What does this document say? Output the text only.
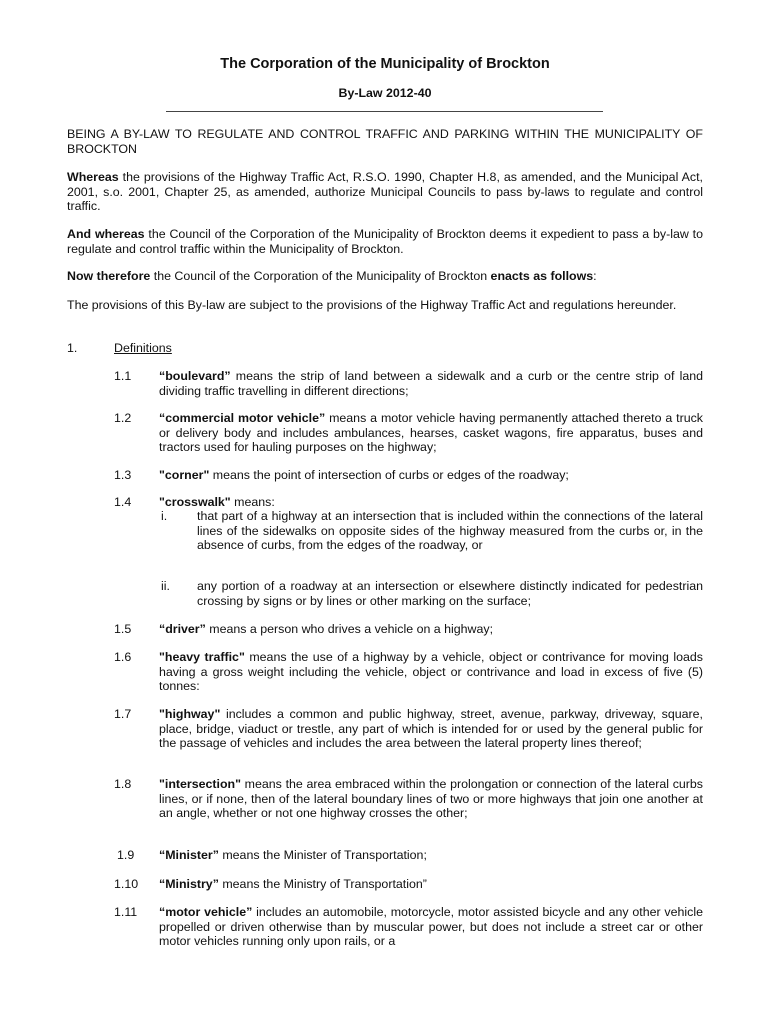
The Corporation of the Municipality of Brockton
By-Law 2012-40
BEING A BY-LAW TO REGULATE AND CONTROL TRAFFIC AND PARKING WITHIN THE MUNICIPALITY OF BROCKTON
Whereas the provisions of the Highway Traffic Act, R.S.O. 1990, Chapter H.8, as amended, and the Municipal Act, 2001, s.o. 2001, Chapter 25, as amended, authorize Municipal Councils to pass by-laws to regulate and control traffic.
And whereas the Council of the Corporation of the Municipality of Brockton deems it expedient to pass a by-law to regulate and control traffic within the Municipality of Brockton.
Now therefore the Council of the Corporation of the Municipality of Brockton enacts as follows:
The provisions of this By-law are subject to the provisions of the Highway Traffic Act and regulations hereunder.
1.	Definitions
1.1	“boulevard” means the strip of land between a sidewalk and a curb or the centre strip of land dividing traffic travelling in different directions;
1.2	“commercial motor vehicle” means a motor vehicle having permanently attached thereto a truck or delivery body and includes ambulances, hearses, casket wagons, fire apparatus, buses and tractors used for hauling purposes on the highway;
1.3	"corner" means the point of intersection of curbs or edges of the roadway;
1.4	"crosswalk" means:
i. that part of a highway at an intersection that is included within the connections of the lateral lines of the sidewalks on opposite sides of the highway measured from the curbs or, in the absence of curbs, from the edges of the roadway, or
ii. any portion of a roadway at an intersection or elsewhere distinctly indicated for pedestrian crossing by signs or by lines or other marking on the surface;
1.5	“driver” means a person who drives a vehicle on a highway;
1.6	"heavy traffic" means the use of a highway by a vehicle, object or contrivance for moving loads having a gross weight including the vehicle, object or contrivance and load in excess of five (5) tonnes:
1.7	"highway" includes a common and public highway, street, avenue, parkway, driveway, square, place, bridge, viaduct or trestle, any part of which is intended for or used by the general public for the passage of vehicles and includes the area between the lateral property lines thereof;
1.8	"intersection" means the area embraced within the prolongation or connection of the lateral curbs lines, or if none, then of the lateral boundary lines of two or more highways that join one another at an angle, whether or not one highway crosses the other;
1.9	“Minister” means the Minister of Transportation;
1.10	“Ministry” means the Ministry of Transportation”
1.11	“motor vehicle” includes an automobile, motorcycle, motor assisted bicycle and any other vehicle propelled or driven otherwise than by muscular power, but does not include a street car or other motor vehicles running only upon rails, or a
